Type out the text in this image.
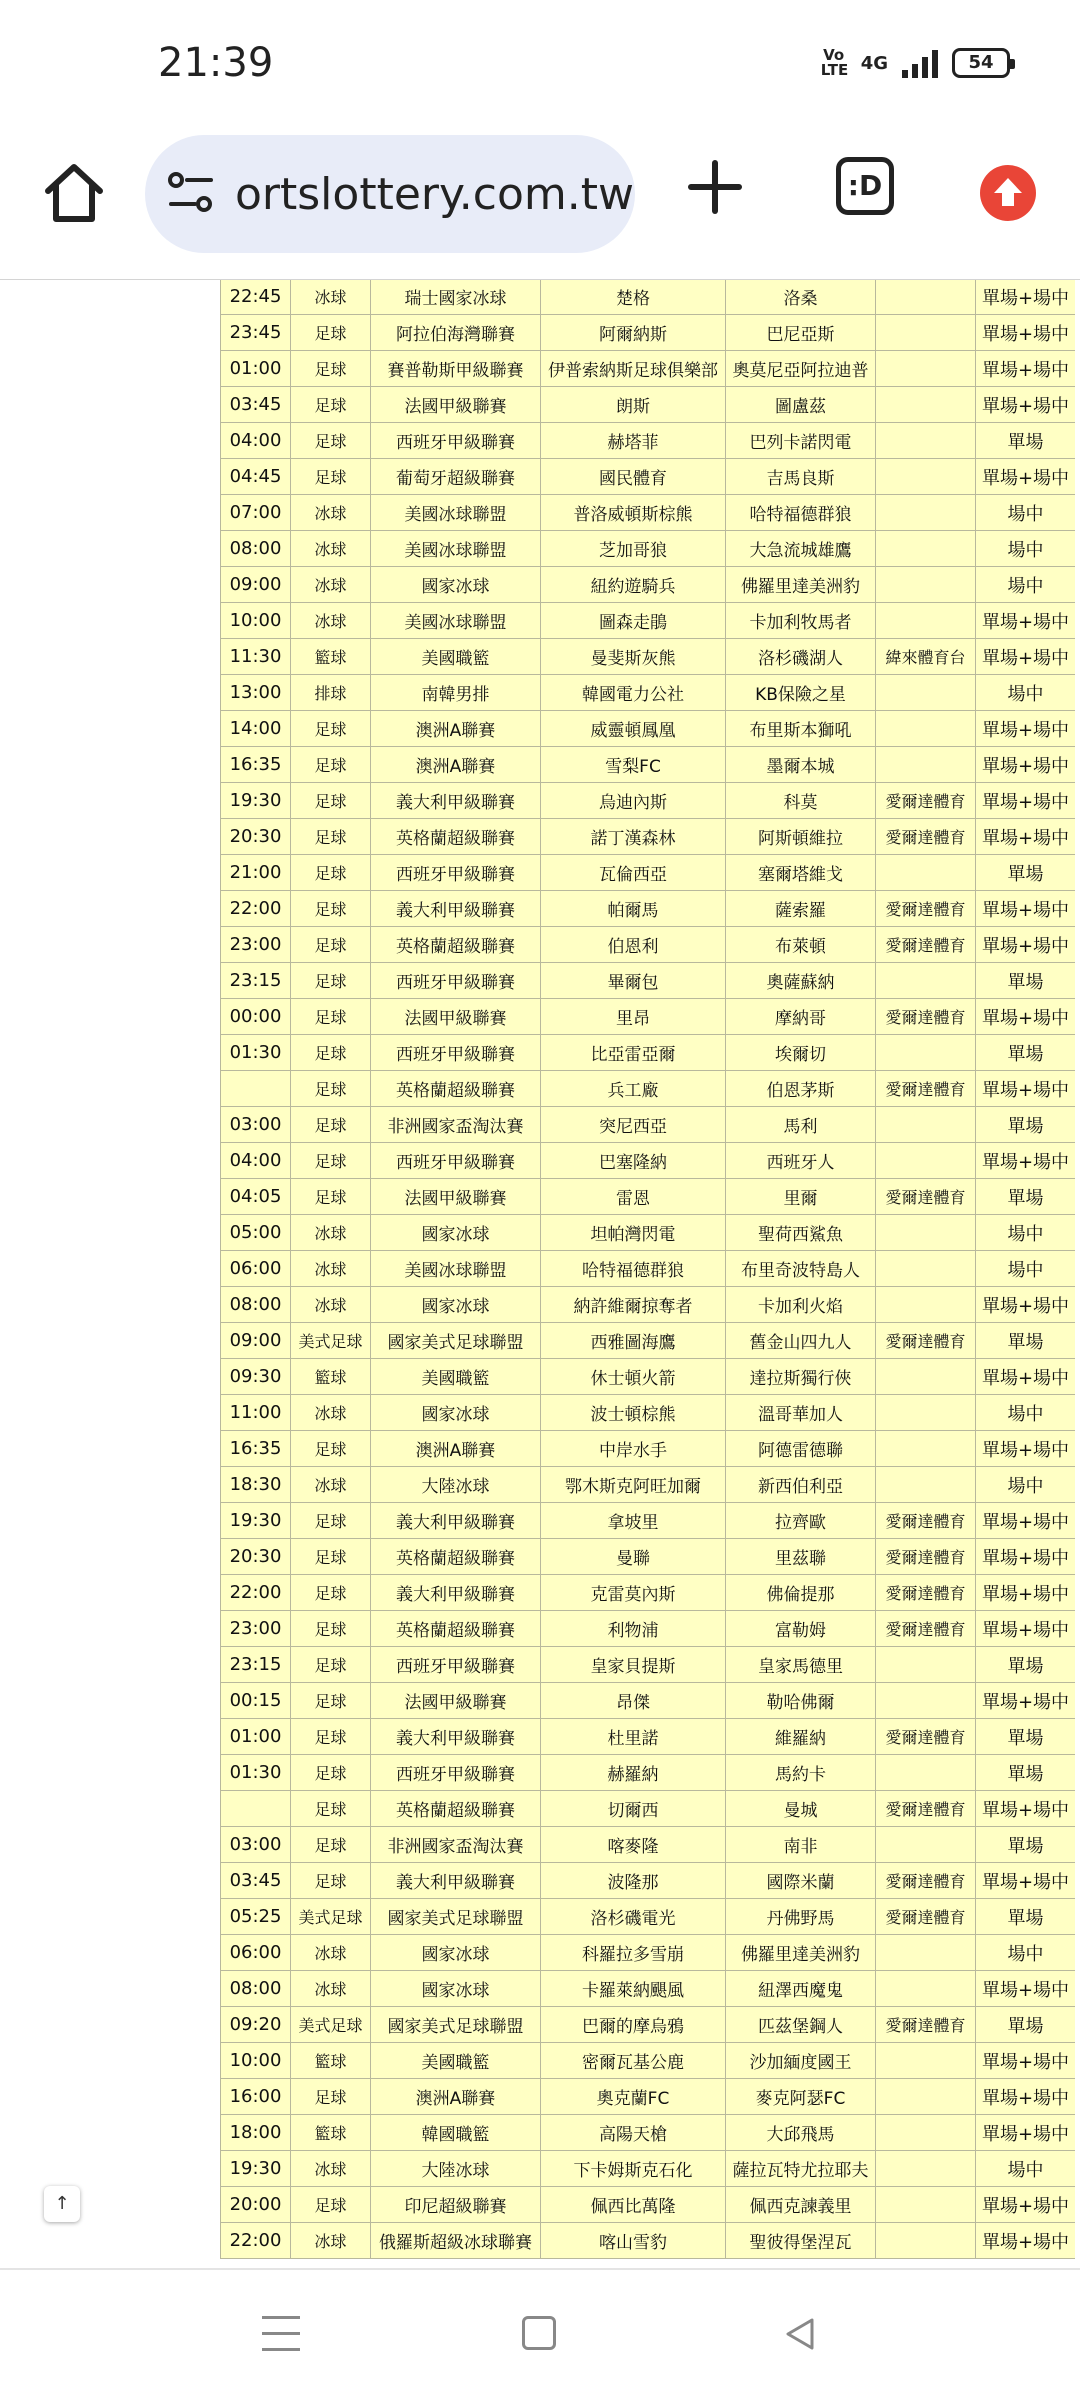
21:39	Vo LTE 4G	54
ortslottery.com.tw	:D
22:45	冰球	瑞士國家冰球	楚格	洛桑		單場+場中
23:45	足球	阿拉伯海灣聯賽	阿爾納斯	巴尼亞斯		單場+場中
01:00	足球	賽普勒斯甲級聯賽	伊普索納斯足球俱樂部	奧莫尼亞阿拉迪普		單場+場中
03:45	足球	法國甲級聯賽	朗斯	圖盧茲		單場+場中
04:00	足球	西班牙甲級聯賽	赫塔菲	巴列卡諾閃電		單場
04:45	足球	葡萄牙超級聯賽	國民體育	吉馬良斯		單場+場中
07:00	冰球	美國冰球聯盟	普洛威頓斯棕熊	哈特福德群狼		場中
08:00	冰球	美國冰球聯盟	芝加哥狼	大急流城雄鷹		場中
09:00	冰球	國家冰球	紐約遊騎兵	佛羅里達美洲豹		場中
10:00	冰球	美國冰球聯盟	圖森走鵑	卡加利牧馬者		單場+場中
11:30	籃球	美國職籃	曼斐斯灰熊	洛杉磯湖人	緯來體育台	單場+場中
13:00	排球	南韓男排	韓國電力公社	KB保險之星		場中
14:00	足球	澳洲A聯賽	威靈頓鳳凰	布里斯本獅吼		單場+場中
16:35	足球	澳洲A聯賽	雪梨FC	墨爾本城		單場+場中
19:30	足球	義大利甲級聯賽	烏迪內斯	科莫	愛爾達體育	單場+場中
20:30	足球	英格蘭超級聯賽	諾丁漢森林	阿斯頓維拉	愛爾達體育	單場+場中
21:00	足球	西班牙甲級聯賽	瓦倫西亞	塞爾塔維戈		單場
22:00	足球	義大利甲級聯賽	帕爾馬	薩索羅	愛爾達體育	單場+場中
23:00	足球	英格蘭超級聯賽	伯恩利	布萊頓	愛爾達體育	單場+場中
23:15	足球	西班牙甲級聯賽	畢爾包	奧薩蘇納		單場
00:00	足球	法國甲級聯賽	里昂	摩納哥	愛爾達體育	單場+場中
01:30	足球	西班牙甲級聯賽	比亞雷亞爾	埃爾切		單場
	足球	英格蘭超級聯賽	兵工廠	伯恩茅斯	愛爾達體育	單場+場中
03:00	足球	非洲國家盃淘汰賽	突尼西亞	馬利		單場
04:00	足球	西班牙甲級聯賽	巴塞隆納	西班牙人		單場+場中
04:05	足球	法國甲級聯賽	雷恩	里爾	愛爾達體育	單場
05:00	冰球	國家冰球	坦帕灣閃電	聖荷西鯊魚		場中
06:00	冰球	美國冰球聯盟	哈特福德群狼	布里奇波特島人		場中
08:00	冰球	國家冰球	納許維爾掠奪者	卡加利火焰		單場+場中
09:00	美式足球	國家美式足球聯盟	西雅圖海鷹	舊金山四九人	愛爾達體育	單場
09:30	籃球	美國職籃	休士頓火箭	達拉斯獨行俠		單場+場中
11:00	冰球	國家冰球	波士頓棕熊	溫哥華加人		場中
16:35	足球	澳洲A聯賽	中岸水手	阿德雷德聯		單場+場中
18:30	冰球	大陸冰球	鄂木斯克阿旺加爾	新西伯利亞		場中
19:30	足球	義大利甲級聯賽	拿坡里	拉齊歐	愛爾達體育	單場+場中
20:30	足球	英格蘭超級聯賽	曼聯	里茲聯	愛爾達體育	單場+場中
22:00	足球	義大利甲級聯賽	克雷莫內斯	佛倫提那	愛爾達體育	單場+場中
23:00	足球	英格蘭超級聯賽	利物浦	富勒姆	愛爾達體育	單場+場中
23:15	足球	西班牙甲級聯賽	皇家貝提斯	皇家馬德里		單場
00:15	足球	法國甲級聯賽	昂傑	勒哈佛爾		單場+場中
01:00	足球	義大利甲級聯賽	杜里諾	維羅納	愛爾達體育	單場
01:30	足球	西班牙甲級聯賽	赫羅納	馬約卡		單場
	足球	英格蘭超級聯賽	切爾西	曼城	愛爾達體育	單場+場中
03:00	足球	非洲國家盃淘汰賽	喀麥隆	南非		單場
03:45	足球	義大利甲級聯賽	波隆那	國際米蘭	愛爾達體育	單場+場中
05:25	美式足球	國家美式足球聯盟	洛杉磯電光	丹佛野馬	愛爾達體育	單場
06:00	冰球	國家冰球	科羅拉多雪崩	佛羅里達美洲豹		場中
08:00	冰球	國家冰球	卡羅萊納颶風	紐澤西魔鬼		單場+場中
09:20	美式足球	國家美式足球聯盟	巴爾的摩烏鴉	匹茲堡鋼人	愛爾達體育	單場
10:00	籃球	美國職籃	密爾瓦基公鹿	沙加緬度國王		單場+場中
16:00	足球	澳洲A聯賽	奧克蘭FC	麥克阿瑟FC		單場+場中
18:00	籃球	韓國職籃	高陽天槍	大邱飛馬		單場+場中
19:30	冰球	大陸冰球	下卡姆斯克石化	薩拉瓦特尤拉耶夫		場中
20:00	足球	印尼超級聯賽	佩西比萬隆	佩西克諫義里		單場+場中
22:00	冰球	俄羅斯超級冰球聯賽	喀山雪豹	聖彼得堡涅瓦		單場+場中
↑
